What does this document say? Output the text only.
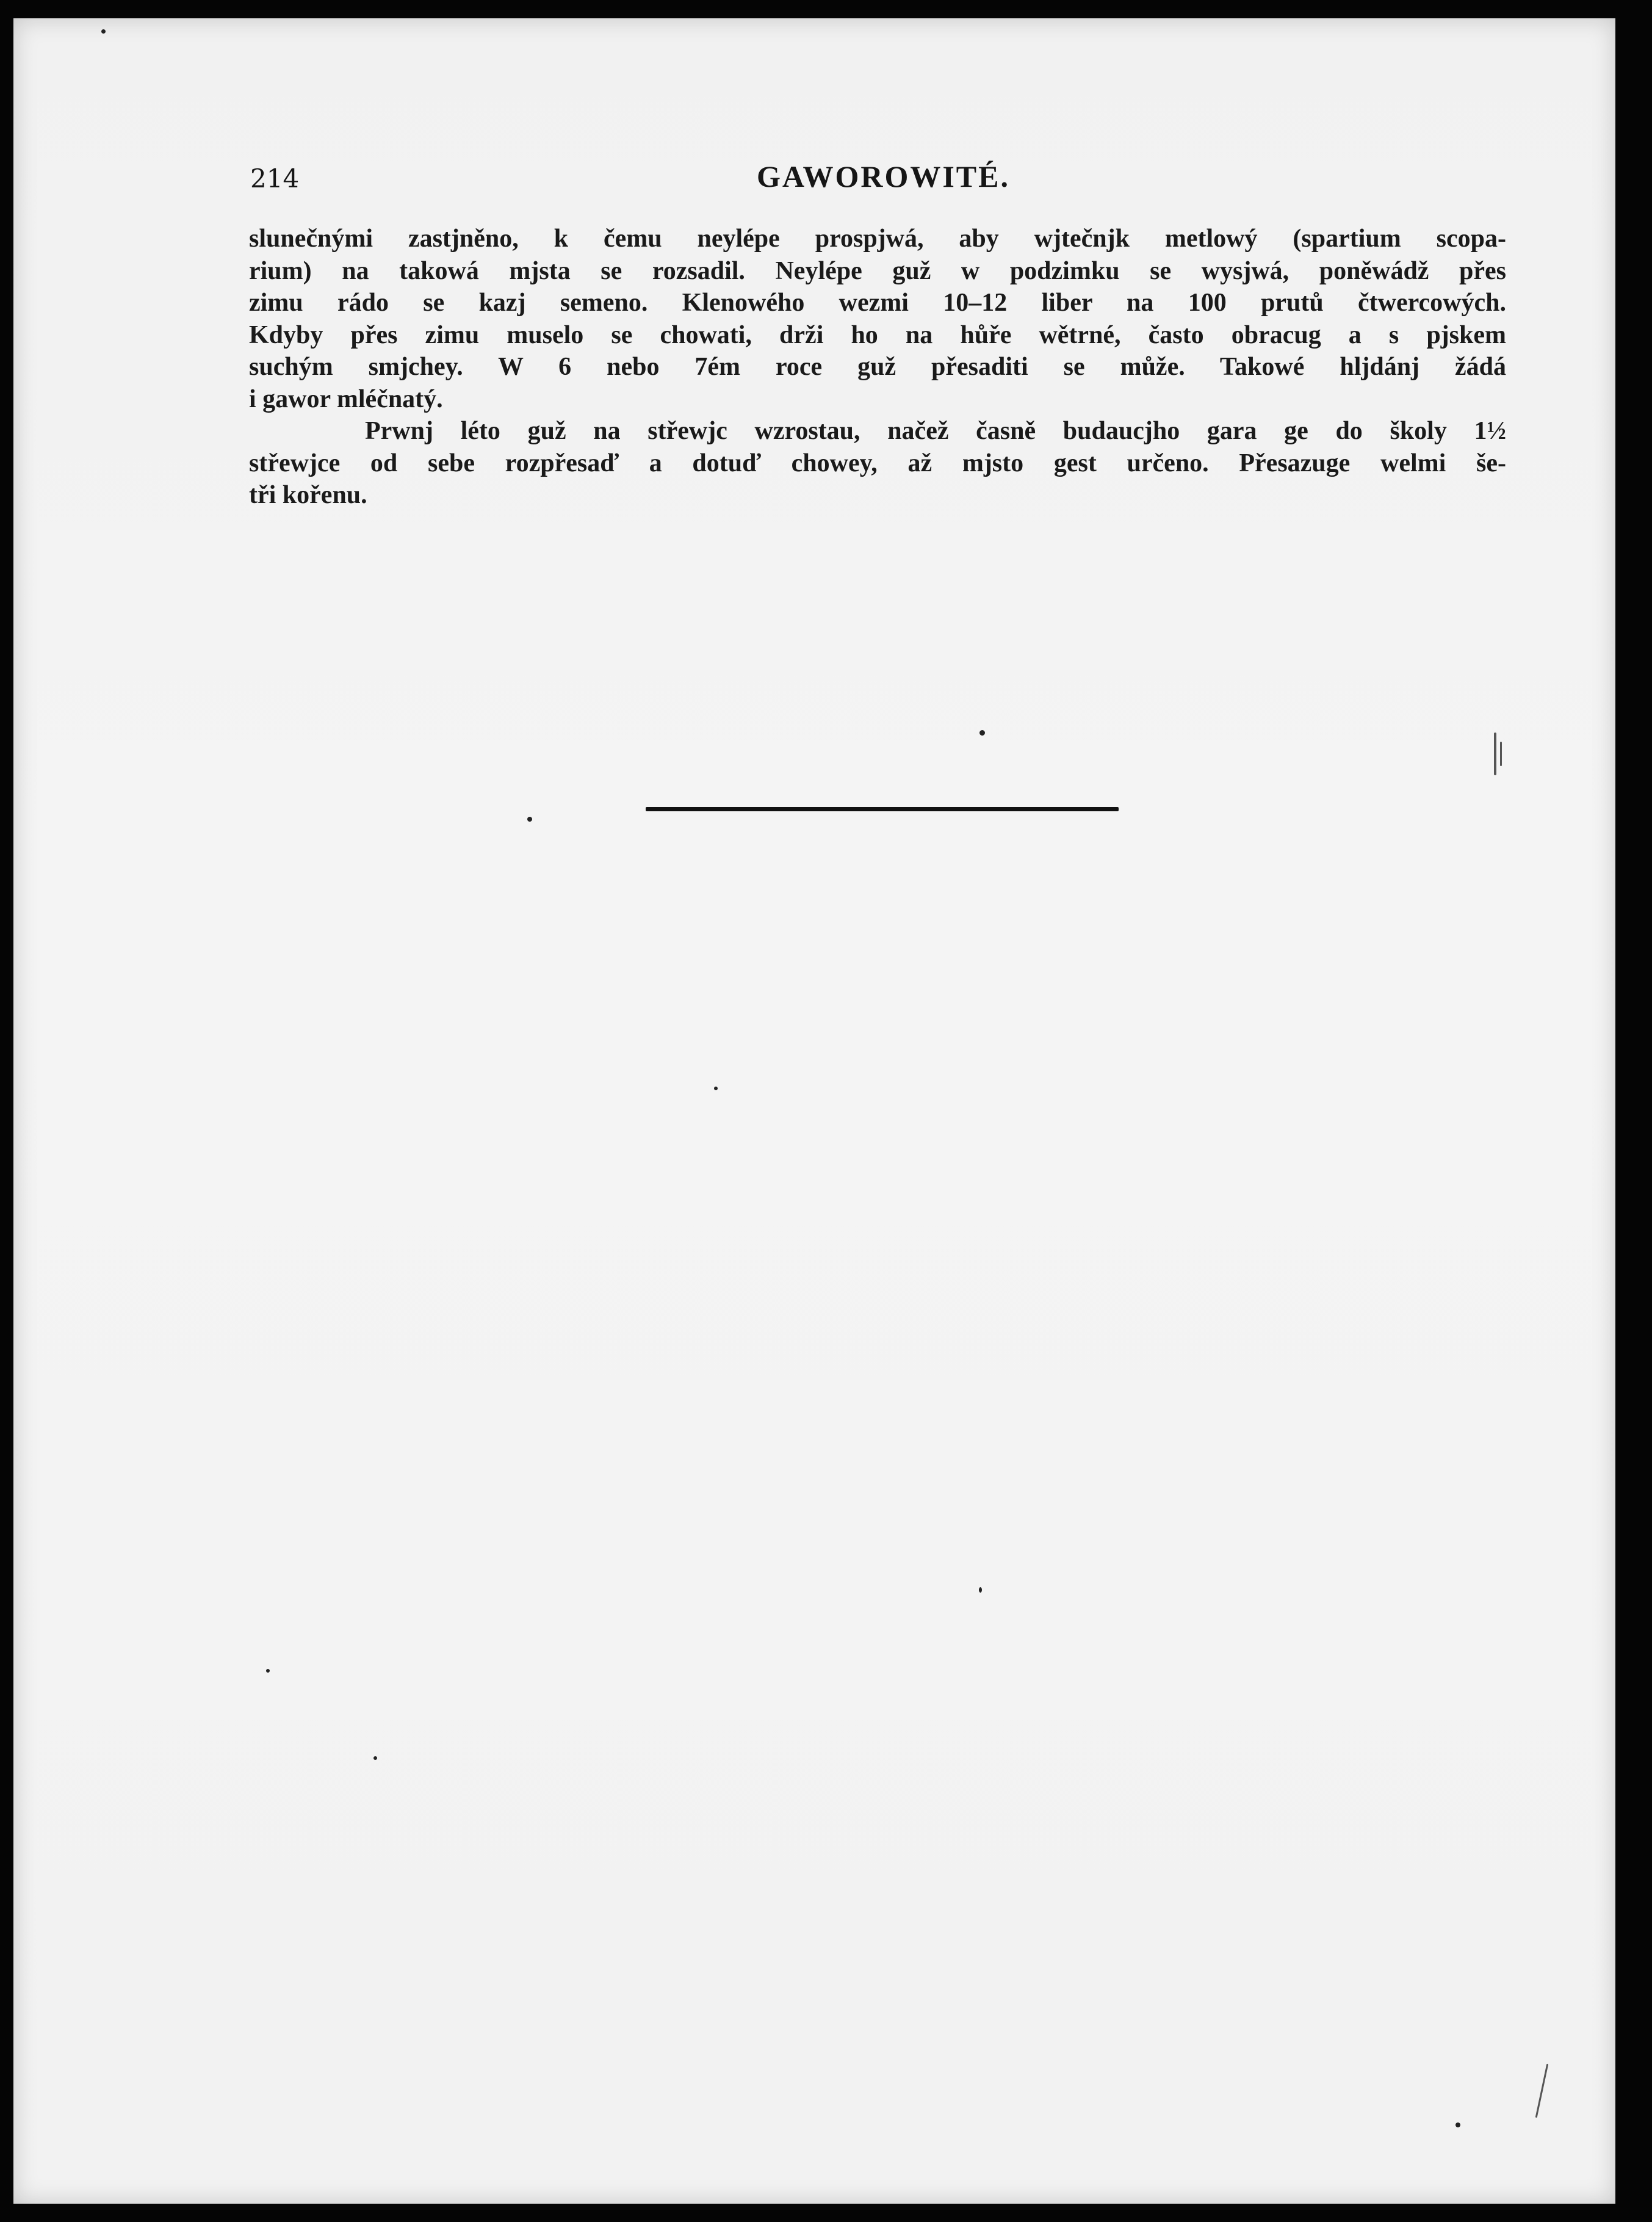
214	GAWOROWITÉ.
slunečnými zastjněno, k čemu neylépe prospjwá, aby wjtečnjk metlowý (spartium scopa-
rium) na takowá mjsta se rozsadil. Neylépe guž w podzimku se wysjwá, poněwádž přes
zimu rádo se kazj semeno. Klenowého wezmi 10–12 liber na 100 prutů čtwercowých.
Kdyby přes zimu muselo se chowati, drži ho na hůře wětrné, často obracug a s pjskem
suchým smjchey. W 6 nebo 7ém roce guž přesaditi se může. Takowé hljdánj žádá
i gawor mléčnatý.
Prwnj léto guž na střewjc wzrostau, načež časně budaucjho gara ge do školy 1½
střewjce od sebe rozpřesaď a dotuď chowey, až mjsto gest určeno. Přesazuge welmi še-
tři kořenu.
